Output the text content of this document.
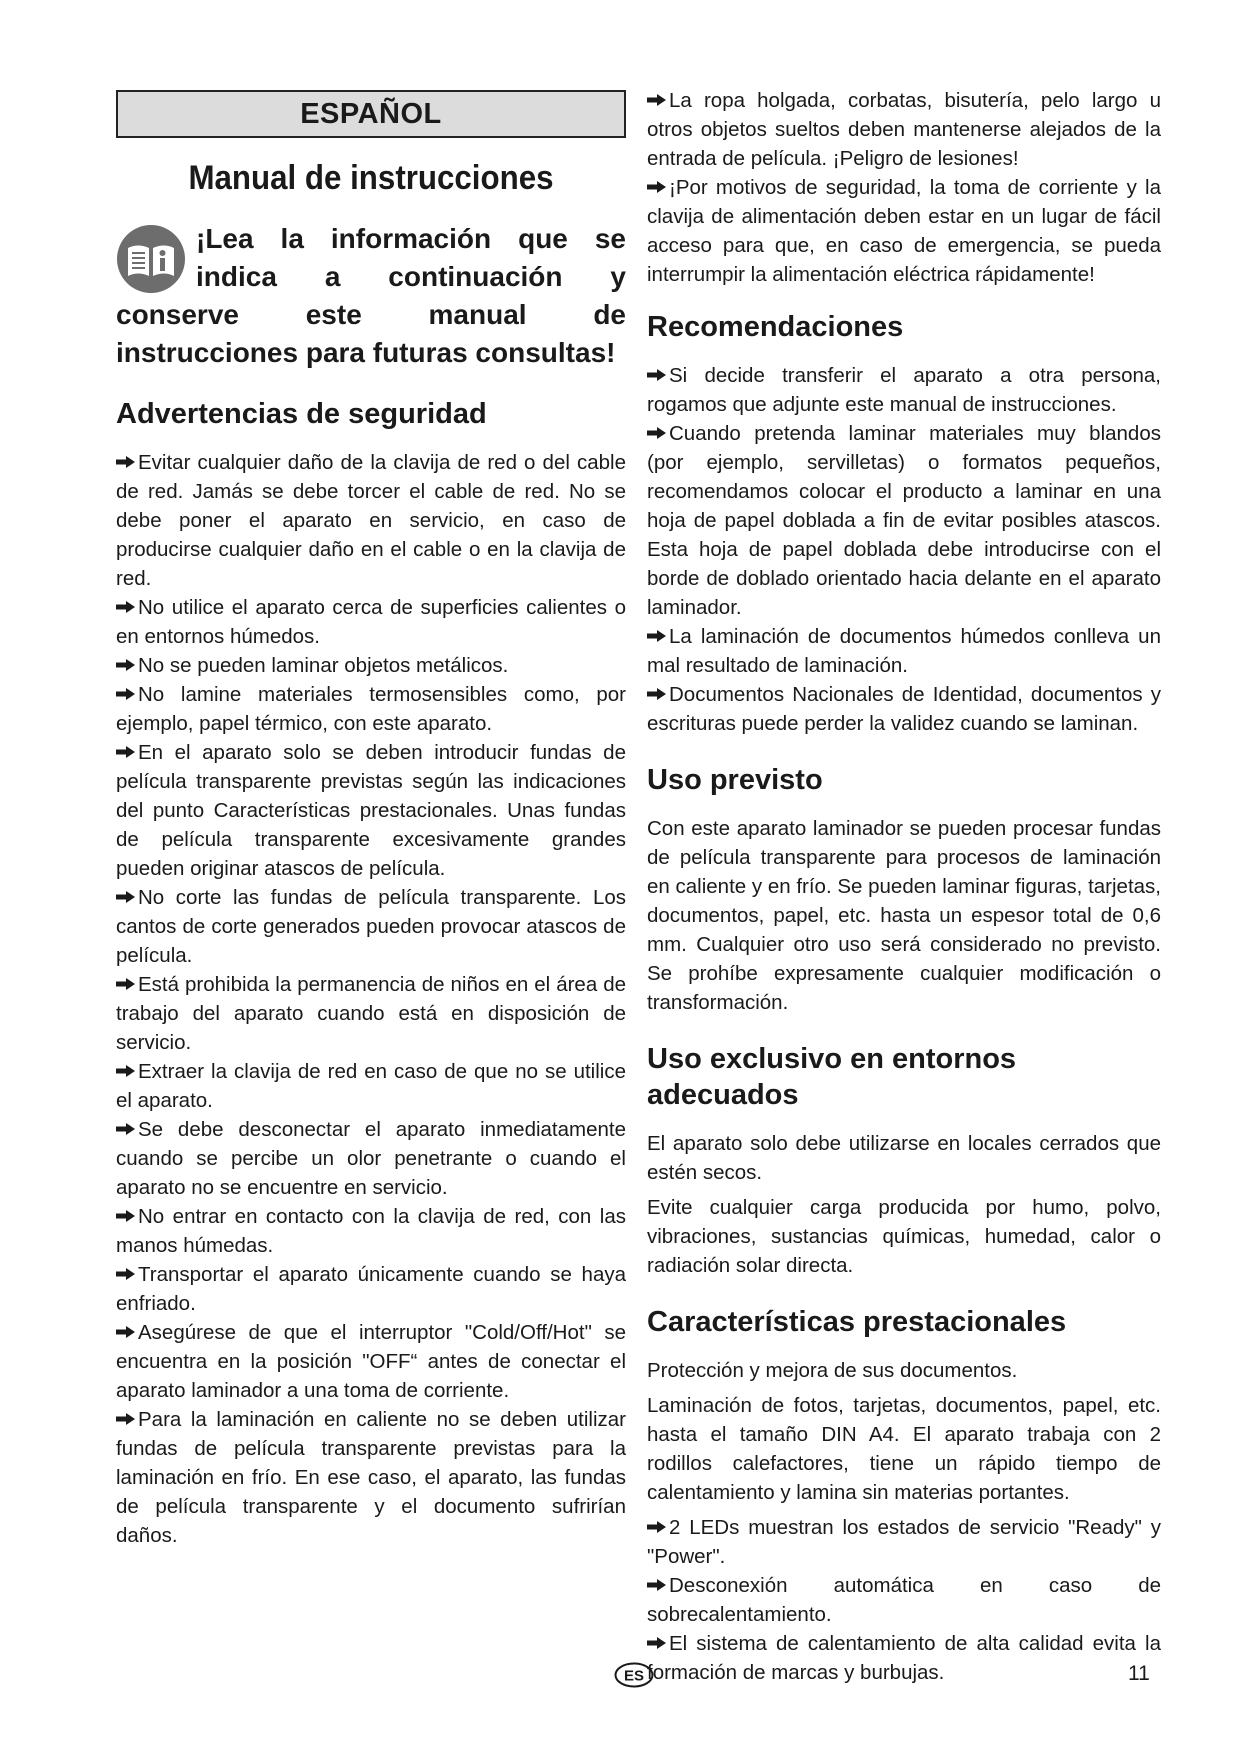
ESPAÑOL
Manual de instrucciones
¡Lea la información que se indica a continuación y conserve este manual de instrucciones para futuras consultas!
Advertencias de seguridad

Evitar cualquier daño de la clavija de red o del cable de red. Jamás se debe torcer el cable de red. No se debe poner el aparato en servicio, en caso de producirse cualquier daño en el cable o en la clavija de red.

No utilice el aparato cerca de superficies calientes o en entornos húmedos.

No se pueden laminar objetos metálicos.

No lamine materiales termosensibles como, por ejemplo, papel térmico, con este aparato.

En el aparato solo se deben introducir fundas de película transparente previstas según las indicaciones del punto Características prestacionales. Unas fundas de película transparente excesivamente grandes pueden originar atascos de película.

No corte las fundas de película transparente. Los cantos de corte generados pueden provocar atascos de película.

Está prohibida la permanencia de niños en el área de trabajo del aparato cuando está en disposición de servicio.

Extraer la clavija de red en caso de que no se utilice el aparato.

Se debe desconectar el aparato inmediatamente cuando se percibe un olor penetrante o cuando el aparato no se encuentre en servicio.

No entrar en contacto con la clavija de red, con las manos húmedas.

Transportar el aparato únicamente cuando se haya enfriado.

Asegúrese de que el interruptor "Cold/Off/Hot" se encuentra en la posición "OFF“ antes de conectar el aparato laminador a una toma de corriente.

Para la laminación en caliente no se deben utilizar fundas de película transparente previstas para la laminación en frío. En ese caso, el aparato, las fundas de película transparente y el documento sufrirían daños.

La ropa holgada, corbatas, bisutería, pelo largo u otros objetos sueltos deben mantenerse alejados de la entrada de película. ¡Peligro de lesiones!

¡Por motivos de seguridad, la toma de corriente y la clavija de alimentación deben estar en un lugar de fácil acceso para que, en caso de emergencia, se pueda interrumpir la alimentación eléctrica rápidamente!

Recomendaciones

Si decide transferir el aparato a otra persona, rogamos que adjunte este manual de instrucciones.

Cuando pretenda laminar materiales muy blandos (por ejemplo, servilletas) o formatos pequeños, recomendamos colocar el producto a laminar en una hoja de papel doblada a fin de evitar posibles atascos. Esta hoja de papel doblada debe introducirse con el borde de doblado orientado hacia delante en el aparato laminador.

La laminación de documentos húmedos conlleva un mal resultado de laminación.

Documentos Nacionales de Identidad, documentos y escrituras puede perder la validez cuando se laminan.

Uso previsto

Con este aparato laminador se pueden procesar fundas de película transparente para procesos de laminación en caliente y en frío. Se pueden laminar figuras, tarjetas, documentos, papel, etc. hasta un espesor total de 0,6 mm. Cualquier otro uso será considerado no previsto. Se prohíbe expresamente cualquier modificación o transformación.

Uso exclusivo en entornos adecuados

El aparato solo debe utilizarse en locales cerrados que estén secos.

Evite cualquier carga producida por humo, polvo, vibraciones, sustancias químicas, humedad, calor o radiación solar directa.

Características prestacionales

Protección y mejora de sus documentos.

Laminación de fotos, tarjetas, documentos, papel, etc. hasta el tamaño DIN A4. El aparato trabaja con 2 rodillos calefactores, tiene un rápido tiempo de calentamiento y lamina sin materias portantes.

2 LEDs muestran los estados de servicio "Ready" y "Power".

Desconexión automática en caso de sobrecalentamiento.

El sistema de calentamiento de alta calidad evita la formación de marcas y burbujas.

ES	11
